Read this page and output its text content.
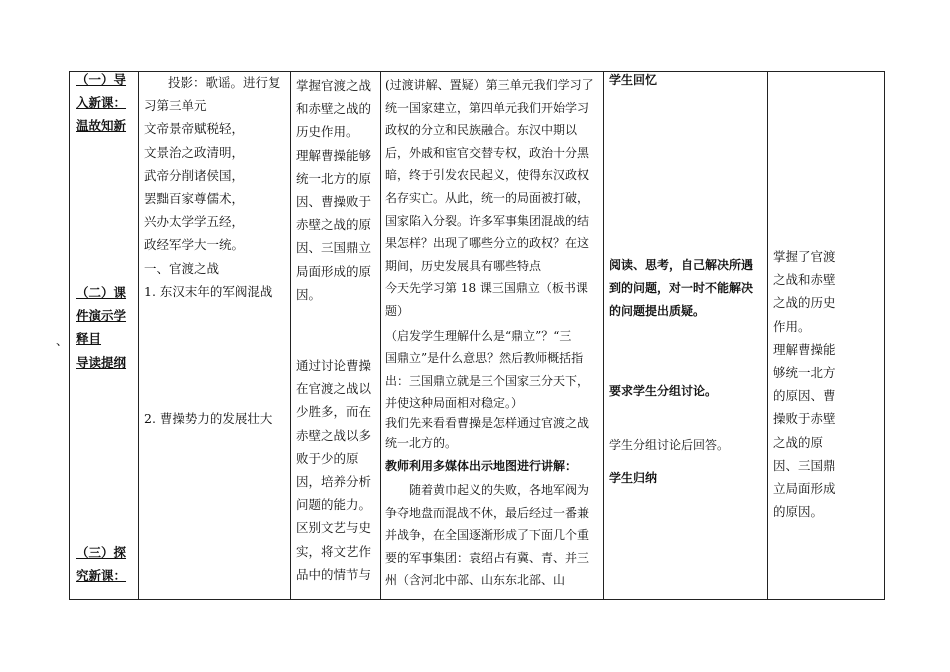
、

（一）导

入新课：

温故知新

（二）课

件演示学

释目

导读提纲

（三）探

究新课：

投影：歌谣。进行复

习第三单元

文帝景帝赋税轻，

文景治之政清明，

武帝分削诸侯国，

罢黜百家尊儒术，

兴办太学学五经，

政经军学大一统。

一、官渡之战

1. 东汉末年的军阀混战

2. 曹操势力的发展壮大

掌握官渡之战

和赤壁之战的

历史作用。

理解曹操能够

统一北方的原

因、曹操败于

赤壁之战的原

因、三国鼎立

局面形成的原

因。

通过讨论曹操

在官渡之战以

少胜多，而在

赤壁之战以多

败于少的原

因，培养分析

问题的能力。

区别文艺与史

实，将文艺作

品中的情节与

(过渡讲解、置疑）第三单元我们学习了

统一国家建立，第四单元我们开始学习

政权的分立和民族融合。东汉中期以

后，外戚和宦官交替专权，政治十分黑

暗，终于引发农民起义，使得东汉政权

名存实亡。从此，统一的局面被打破，

国家陷入分裂。许多军事集团混战的结

果怎样？出现了哪些分立的政权？在这

期间，历史发展具有哪些特点

今天先学习第 18 课三国鼎立（板书课

题）

（启发学生理解什么是“鼎立”？“三

国鼎立”是什么意思？然后教师概括指

出：三国鼎立就是三个国家三分天下，

并使这种局面相对稳定。）

我们先来看看曹操是怎样通过官渡之战

统一北方的。

教师利用多媒体出示地图进行讲解：

随着黄巾起义的失败，各地军阀为

争夺地盘而混战不休，最后经过一番兼

并战争，在全国逐渐形成了下面几个重

要的军事集团：袁绍占有冀、青、并三

州（含河北中部、山东东北部、山

学生回忆

阅读、思考，自己解决所遇

到的问题，对一时不能解决

的问题提出质疑。

要求学生分组讨论。
学生分组讨论后回答。
学生归纳

掌握了官渡

之战和赤壁

之战的历史

作用。

理解曹操能

够统一北方

的原因、曹

操败于赤壁

之战的原

因、三国鼎

立局面形成

的原因。
